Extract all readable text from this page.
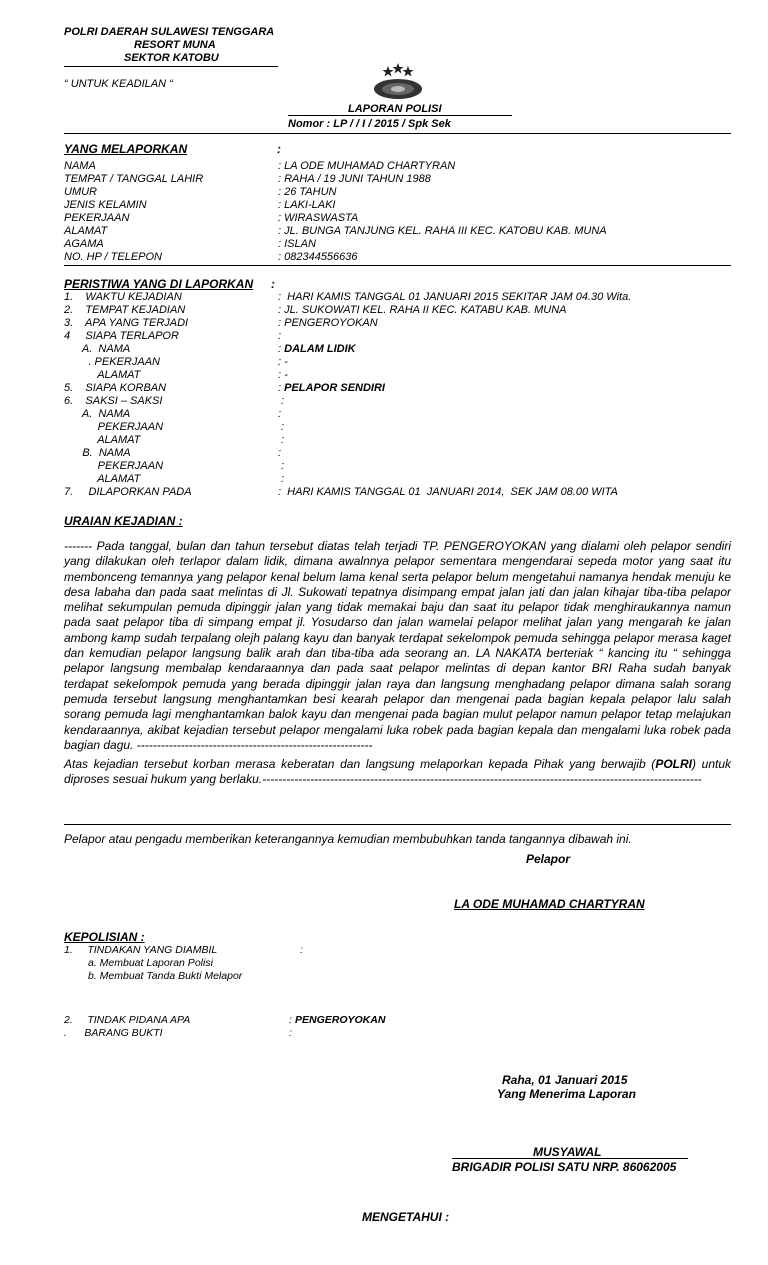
POLRI DAERAH SULAWESI TENGGARA
RESORT MUNA
SEKTOR KATOBU
“ UNTUK KEADILAN “
LAPORAN POLISI
Nomor : LP / / I / 2015 / Spk Sek
YANG MELAPORKAN	:
NAMA	: LA ODE MUHAMAD CHARTYRAN
TEMPAT / TANGGAL LAHIR	: RAHA / 19 JUNI TAHUN 1988
UMUR	: 26 TAHUN
JENIS KELAMIN	: LAKI-LAKI
PEKERJAAN	: WIRASWASTA
ALAMAT	: JL. BUNGA TANJUNG KEL. RAHA III KEC. KATOBU KAB. MUNA
AGAMA	: ISLAN
NO. HP / TELEPON	: 082344556636
PERISTIWA YANG DI LAPORKAN :

1.    WAKTU KEJADIAN	:  HARI KAMIS TANGGAL 01 JANUARI 2015 SEKITAR JAM 04.30 Wita.

2.    TEMPAT KEJADIAN	: JL. SUKOWATI KEL. RAHA II KEC. KATABU KAB. MUNA

3.    APA YANG TERJADI	: PENGEROYOKAN

4     SIAPA TERLAPOR	:

A.  NAMA	: DALAM LIDIK

. PEKERJAAN	: -

ALAMAT	: -

5.    SIAPA KORBAN	: PELAPOR SENDIRI

6.    SAKSI – SAKSI	:

A.  NAMA	:

PEKERJAAN	:

ALAMAT	:

B.  NAMA	:

PEKERJAAN	:

ALAMAT	:

7.     DILAPORKAN PADA	:  HARI KAMIS TANGGAL 01  JANUARI 2014,  SEK JAM 08.00 WITA

URAIAN KEJADIAN :
------- Pada tanggal, bulan dan tahun tersebut diatas telah terjadi TP. PENGEROYOKAN yang dialami oleh pelapor sendiri yang dilakukan oleh terlapor dalam lidik, dimana awalnnya pelapor sementara mengendarai sepeda motor yang saat itu membonceng temannya yang pelapor kenal belum lama kenal serta pelapor belum mengetahui namanya hendak menuju ke desa labaha dan pada saat melintas di Jl. Sukowati tepatnya disimpang empat jalan jati dan jalan kihajar tiba-tiba pelapor melihat sekumpulan pemuda dipinggir jalan yang tidak memakai baju dan saat itu pelapor tidak menghiraukannya namun pada saat pelapor tiba di simpang empat jl. Yosudarso dan jalan wamelai pelapor melihat jalan yang mengarah ke jalan ambong kamp sudah terpalang olejh palang kayu dan banyak terdapat sekelompok pemuda sehingga pelapor merasa kaget dan kemudian pelapor langsung balik arah dan tiba-tiba ada seorang an. LA NAKATA berteriak “ kancing itu “ sehingga pelapor langsung membalap kendaraannya dan pada saat pelapor melintas di depan kantor BRI Raha sudah banyak terdapat sekelompok pemuda yang berada dipinggir jalan raya dan langsung menghadang pelapor dimana salah sorang pemuda tersebut langsung menghantamkan besi kearah pelapor dan mengenai pada bagian kepala pelapor lalu salah sorang pemuda lagi menghantamkan balok kayu dan mengenai pada bagian mulut pelapor namun pelapor tetap melajukan kendaraannya, akibat kejadian tersebut pelapor mengalami luka robek pada bagian kepala dan mengalami luka robek pada bagian dagu. -----------------------------------------------------------
Atas kejadian tersebut korban merasa keberatan dan langsung melaporkan kepada Pihak yang berwajib (POLRI) untuk diproses sesuai hukum yang berlaku.--------------------------------------------------------------------------------------------------------------
Pelapor atau pengadu memberikan keterangannya kemudian membubuhkan tanda tangannya dibawah ini.
Pelapor
LA ODE MUHAMAD CHARTYRAN
KEPOLISIAN :
1.     TINDAKAN YANG DIAMBIL	:
a. Membuat Laporan Polisi
b. Membuat Tanda Bukti Melapor
2.     TINDAK PIDANA APA	: PENGEROYOKAN
.      BARANG BUKTI	:
Raha, 01 Januari 2015
Yang Menerima Laporan
MUSYAWAL
BRIGADIR POLISI SATU NRP. 86062005
MENGETAHUI :
